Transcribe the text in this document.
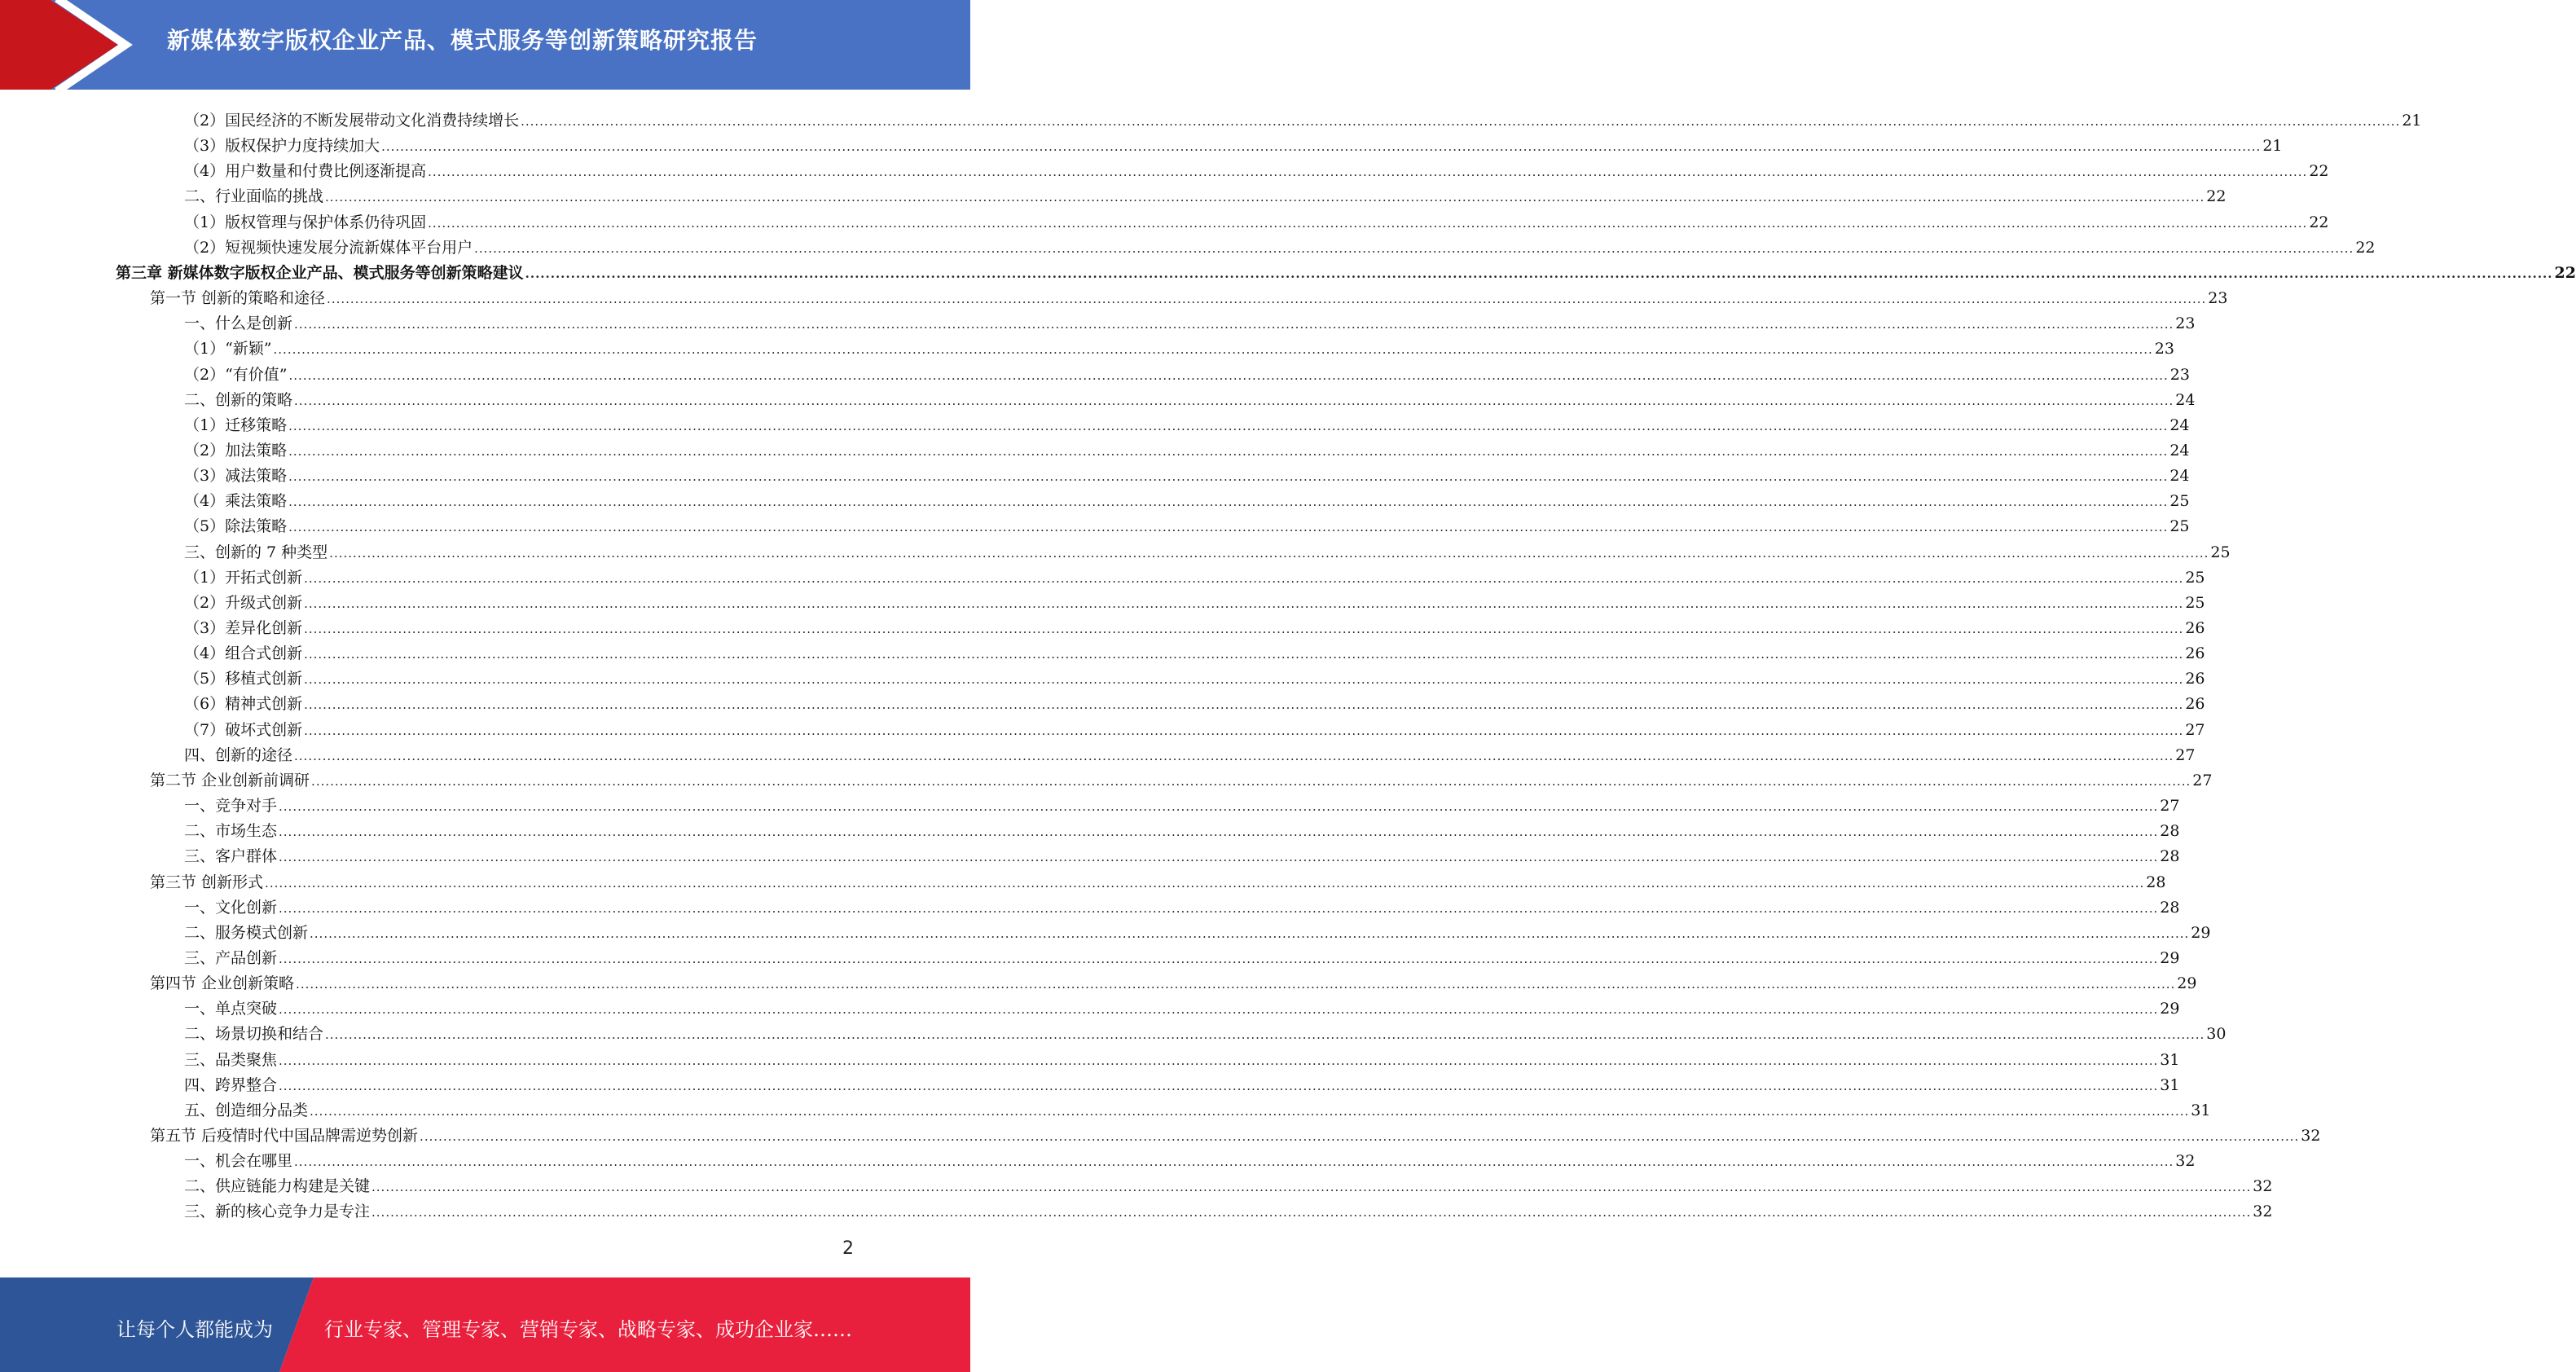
新媒体数字版权企业产品、模式服务等创新策略研究报告
（2）国民经济的不断发展带动文化消费持续增长 ................................................................................................................................................................................................................................................................................................................................................................................................................ 21
（3）版权保护力度持续加大 ................................................................................................................................................................................................................................................................................................................................................................................................................ 21
（4）用户数量和付费比例逐渐提高 ................................................................................................................................................................................................................................................................................................................................................................................................................ 22
二、行业面临的挑战 ................................................................................................................................................................................................................................................................................................................................................................................................................ 22
（1）版权管理与保护体系仍待巩固 ................................................................................................................................................................................................................................................................................................................................................................................................................ 22
（2）短视频快速发展分流新媒体平台用户 ................................................................................................................................................................................................................................................................................................................................................................................................................ 22
第三章 新媒体数字版权企业产品、模式服务等创新策略建议 ................................................................................................................................................................................................................................................................................................................................................................................................................ 22
第一节 创新的策略和途径 ................................................................................................................................................................................................................................................................................................................................................................................................................ 23
一、什么是创新 ................................................................................................................................................................................................................................................................................................................................................................................................................ 23
（1）“新颖” ................................................................................................................................................................................................................................................................................................................................................................................................................ 23
（2）“有价值” ................................................................................................................................................................................................................................................................................................................................................................................................................ 23
二、创新的策略 ................................................................................................................................................................................................................................................................................................................................................................................................................ 24
（1）迁移策略 ................................................................................................................................................................................................................................................................................................................................................................................................................ 24
（2）加法策略 ................................................................................................................................................................................................................................................................................................................................................................................................................ 24
（3）减法策略 ................................................................................................................................................................................................................................................................................................................................................................................................................ 24
（4）乘法策略 ................................................................................................................................................................................................................................................................................................................................................................................................................ 25
（5）除法策略 ................................................................................................................................................................................................................................................................................................................................................................................................................ 25
三、创新的 7 种类型 ................................................................................................................................................................................................................................................................................................................................................................................................................ 25
（1）开拓式创新 ................................................................................................................................................................................................................................................................................................................................................................................................................ 25
（2）升级式创新 ................................................................................................................................................................................................................................................................................................................................................................................................................ 25
（3）差异化创新 ................................................................................................................................................................................................................................................................................................................................................................................................................ 26
（4）组合式创新 ................................................................................................................................................................................................................................................................................................................................................................................................................ 26
（5）移植式创新 ................................................................................................................................................................................................................................................................................................................................................................................................................ 26
（6）精神式创新 ................................................................................................................................................................................................................................................................................................................................................................................................................ 26
（7）破坏式创新 ................................................................................................................................................................................................................................................................................................................................................................................................................ 27
四、创新的途径 ................................................................................................................................................................................................................................................................................................................................................................................................................ 27
第二节 企业创新前调研 ................................................................................................................................................................................................................................................................................................................................................................................................................ 27
一、竞争对手 ................................................................................................................................................................................................................................................................................................................................................................................................................ 27
二、市场生态 ................................................................................................................................................................................................................................................................................................................................................................................................................ 28
三、客户群体 ................................................................................................................................................................................................................................................................................................................................................................................................................ 28
第三节 创新形式 ................................................................................................................................................................................................................................................................................................................................................................................................................ 28
一、文化创新 ................................................................................................................................................................................................................................................................................................................................................................................................................ 28
二、服务模式创新 ................................................................................................................................................................................................................................................................................................................................................................................................................ 29
三、产品创新 ................................................................................................................................................................................................................................................................................................................................................................................................................ 29
第四节 企业创新策略 ................................................................................................................................................................................................................................................................................................................................................................................................................ 29
一、单点突破 ................................................................................................................................................................................................................................................................................................................................................................................................................ 29
二、场景切换和结合 ................................................................................................................................................................................................................................................................................................................................................................................................................ 30
三、品类聚焦 ................................................................................................................................................................................................................................................................................................................................................................................................................ 31
四、跨界整合 ................................................................................................................................................................................................................................................................................................................................................................................................................ 31
五、创造细分品类 ................................................................................................................................................................................................................................................................................................................................................................................................................ 31
第五节 后疫情时代中国品牌需逆势创新 ................................................................................................................................................................................................................................................................................................................................................................................................................ 32
一、机会在哪里 ................................................................................................................................................................................................................................................................................................................................................................................................................ 32
二、供应链能力构建是关键 ................................................................................................................................................................................................................................................................................................................................................................................................................ 32
三、新的核心竞争力是专注 ................................................................................................................................................................................................................................................................................................................................................................................................................ 32
2
让每个人都能成为	行业专家、管理专家、营销专家、战略专家、成功企业家……
